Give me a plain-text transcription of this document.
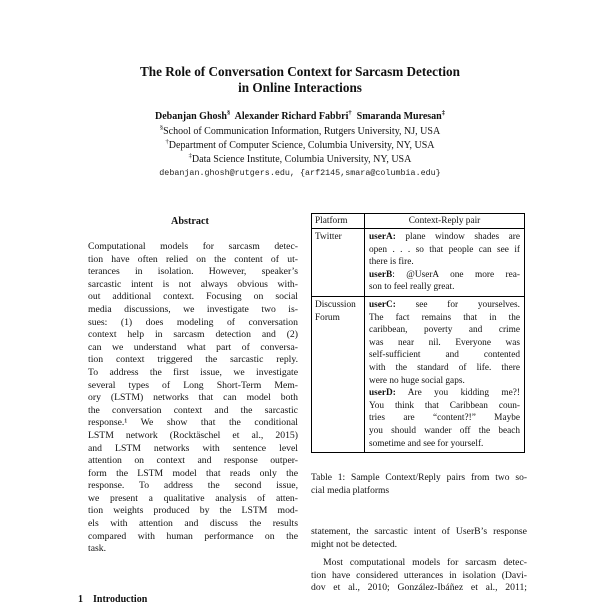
The Role of Conversation Context for Sarcasm Detection
in Online Interactions
Debanjan Ghosh§ Alexander Richard Fabbri† Smaranda Muresan‡
§School of Communication Information, Rutgers University, NJ, USA
†Department of Computer Science, Columbia University, NY, USA
‡Data Science Institute, Columbia University, NY, USA
debanjan.ghosh@rutgers.edu, {arf2145,smara@columbia.edu}
Abstract
Computational models for sarcasm detec-
tion have often relied on the content of ut-
terances in isolation. However, speaker’s
sarcastic intent is not always obvious with-
out additional context. Focusing on social
media discussions, we investigate two is-
sues: (1) does modeling of conversation
context help in sarcasm detection and (2)
can we understand what part of conversa-
tion context triggered the sarcastic reply.
To address the first issue, we investigate
several types of Long Short-Term Mem-
ory (LSTM) networks that can model both
the conversation context and the sarcastic
response.¹ We show that the conditional
LSTM network (Rocktäschel et al., 2015)
and LSTM networks with sentence level
attention on context and response outper-
form the LSTM model that reads only the
response. To address the second issue,
we present a qualitative analysis of atten-
tion weights produced by the LSTM mod-
els with attention and discuss the results
compared with human performance on the
task.
Platform	Context-Reply pair
Twitter	userA: plane window shades are
open . . . so that people can see if
there is fire.
userB: @UserA one more rea-
son to feel really great.
Discussion
Forum
userC: see for yourselves.
The fact remains that in the
caribbean, poverty and crime
was near nil. Everyone was
self-sufficient and contented
with the standard of life. there
were no huge social gaps.
userD: Are you kidding me?!
You think that Caribbean coun-
tries are “content?!” Maybe
you should wander off the beach
sometime and see for yourself.
Table 1: Sample Context/Reply pairs from two so-
cial media platforms
statement, the sarcastic intent of UserB’s response
might not be detected.
Most computational models for sarcasm detec-
tion have considered utterances in isolation (Davi-
dov et al., 2010; González-Ibáñez et al., 2011;
1 Introduction
